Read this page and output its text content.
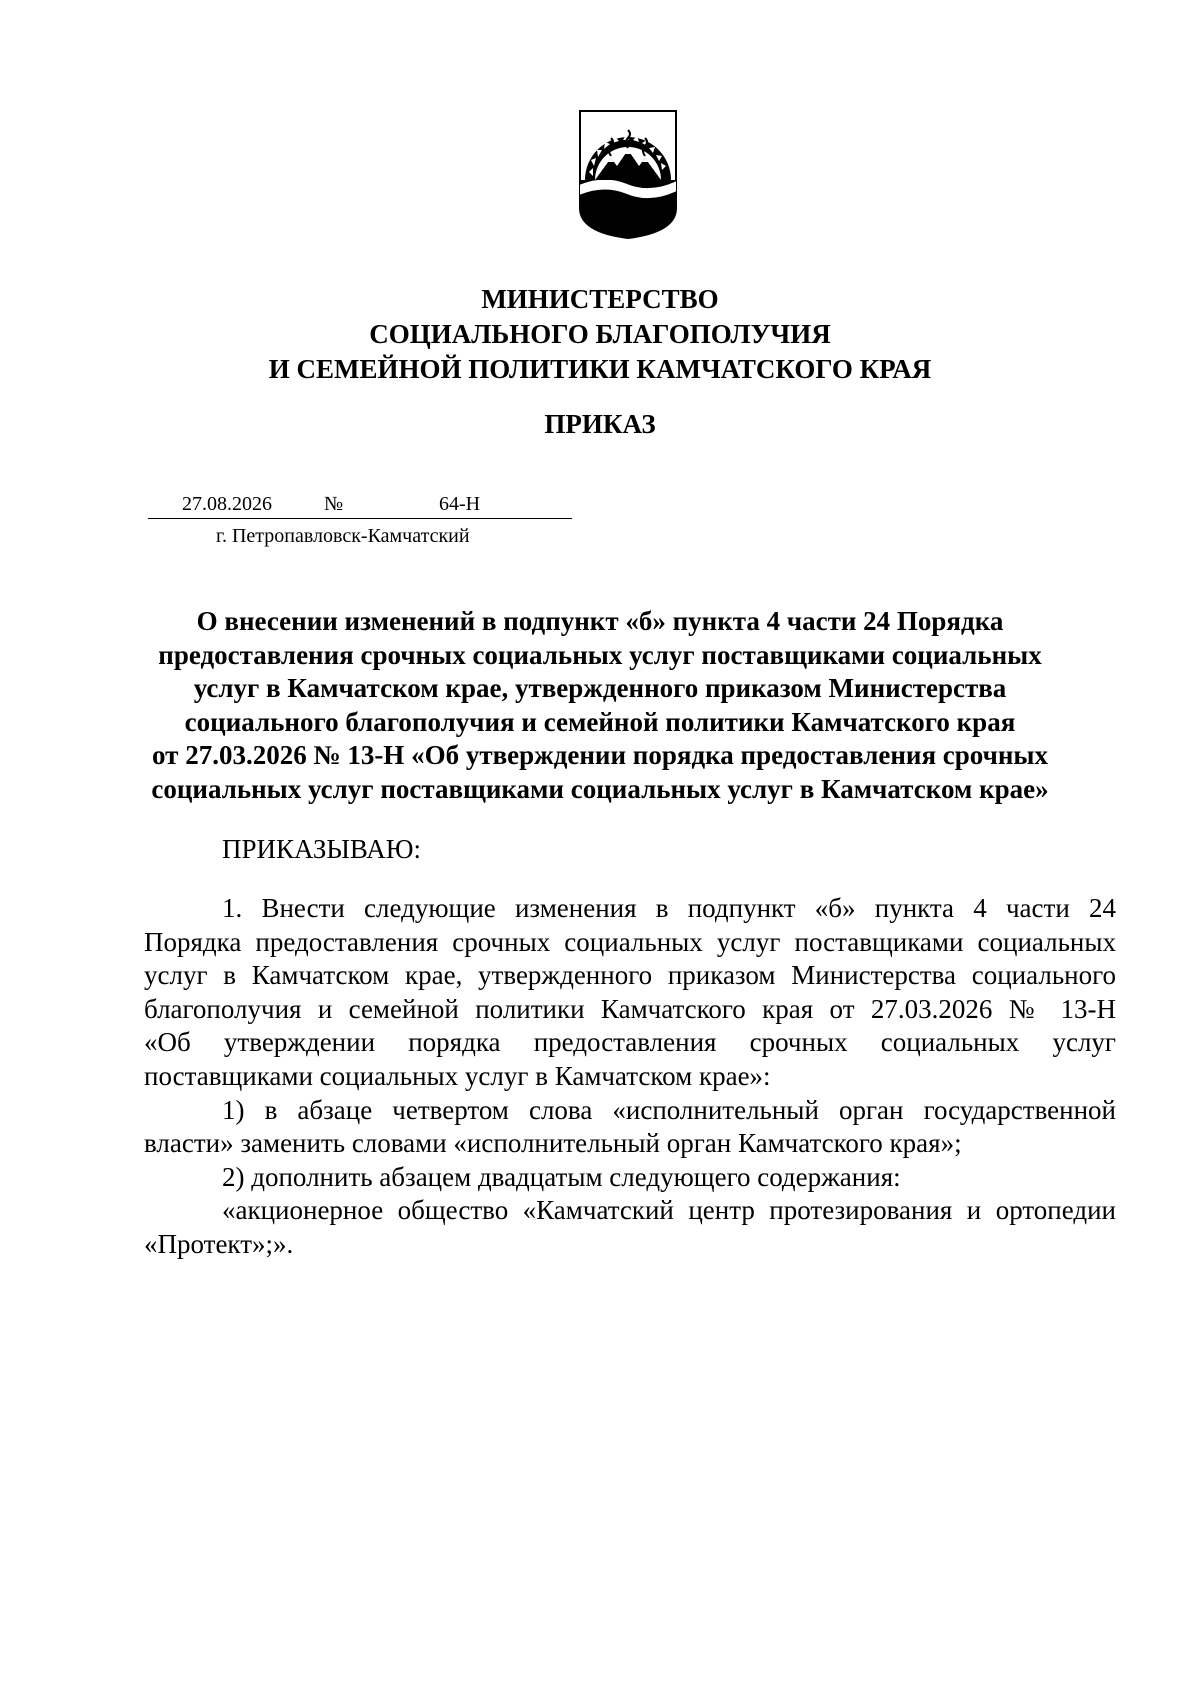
МИНИСТЕРСТВО
СОЦИАЛЬНОГО БЛАГОПОЛУЧИЯ
И СЕМЕЙНОЙ ПОЛИТИКИ КАМЧАТСКОГО КРАЯ
ПРИКАЗ
27.08.2026	№	64-Н
г. Петропавловск-Камчатский
О внесении изменений в подпункт «б» пункта 4 части 24 Порядка
предоставления срочных социальных услуг поставщиками социальных
услуг в Камчатском крае, утвержденного приказом Министерства
социального благополучия и семейной политики Камчатского края
от 27.03.2026 № 13-Н «Об утверждении порядка предоставления срочных
социальных услуг поставщиками социальных услуг в Камчатском крае»
ПРИКАЗЫВАЮ:
1. Внести следующие изменения в подпункт «б» пункта 4 части 24
Порядка предоставления срочных социальных услуг поставщиками социальных
услуг в Камчатском крае, утвержденного приказом Министерства социального
благополучия и семейной политики Камчатского края от 27.03.2026 № 13-Н
«Об утверждении порядка предоставления срочных социальных услуг
поставщиками социальных услуг в Камчатском крае»:
1) в абзаце четвертом слова «исполнительный орган государственной
власти» заменить словами «исполнительный орган Камчатского края»;
2) дополнить абзацем двадцатым следующего содержания:
«акционерное общество «Камчатский центр протезирования и ортопедии
«Протект»;».
